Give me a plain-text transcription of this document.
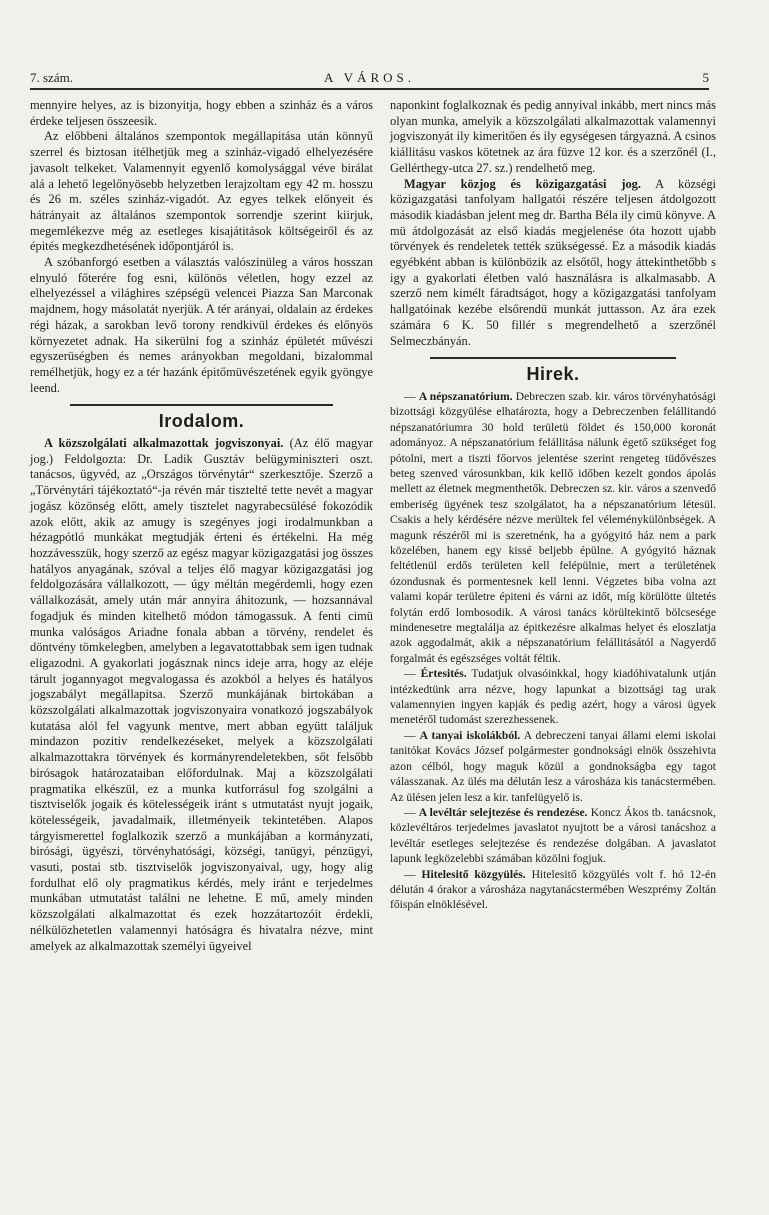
7. szám.	A VÁROS.	5

mennyire helyes, az is bizonyitja, hogy ebben a szinház és a város érdeke teljesen összeesik.

Az előbbeni általános szempontok megállapitása után könnyű szerrel és biztosan itélhetjük meg a szinház-vigadó elhelyezésére javasolt telkeket. Valamennyit egyenlő komolysággal véve birálat alá a lehető legelőnyösebb helyzetben lerajzoltam egy 42 m. hosszu és 26 m. széles szinház-vigadót. Az egyes telkek előnyeit és hátrányait az általános szempontok sorrendje szerint kiirjuk, megemlékezve még az esetleges kisajátitások költségeiről és az épités megkezdhetésének időpontjáról is.

A szóbanforgó esetben a választás valószinüleg a város hosszan elnyuló főterére fog esni, különös véletlen, hogy ezzel az elhelyezéssel a világhires szépségü velencei Piazza San Marconak majdnem, hogy másolatát nyerjük. A tér arányai, oldalain az érdekes régi házak, a sarokban levő torony rendkivül érdekes és előnyös környezetet adnak. Ha sikerülni fog a szinház épületét művészi egyszerüségben és nemes arányokban megoldani, bizalommal remélhetjük, hogy ez a tér hazánk épitőmüvészetének egyik gyöngye leend.

Irodalom.

A közszolgálati alkalmazottak jogviszonyai. (Az élő magyar jog.) Feldolgozta: Dr. Ladik Gusztáv belügyminiszteri oszt. tanácsos, ügyvéd, az „Országos törvénytár“ szerkesztője. Szerző a „Törvénytári tájékoztató“-ja révén már tisztelté tette nevét a magyar jogász közönség előtt, amely tisztelet nagyrabecsülésé fokozódik azok előtt, akik az amugy is szegényes jogi irodalmunkban a hézagpótló munkákat megtudják érteni és értékelni. Ha még hozzávesszük, hogy szerző az egész magyar közigazgatási jog összes hatályos anyagának, szóval a teljes élő magyar közigazgatási jog feldolgozására vállalkozott, — úgy méltán megérdemli, hogy ezen vállalkozását, amely után már annyira áhitozunk, — hozsannával fogadjuk és minden kitelhető módon támogassuk. A fenti cimü munka valóságos Ariadne fonala abban a törvény, rendelet és döntvény tömkelegben, amelyben a legavatottabbak sem igen tudnak eligazodni. A gyakorlati jogásznak nincs ideje arra, hogy az eléje tárult jogannyagot megvalogassa és azokból a helyes és hatályos jogszabályt megállapitsa. Szerző munkájának birtokában a közszolgálati alkalmazottak jogviszonyaira vonatkozó jogszabályok kutatása alól fel vagyunk mentve, mert abban együtt találjuk mindazon pozitiv rendelkezéseket, melyek a közszolgálati alkalmazottakra törvények és kormányrendeletekben, sőt felsőbb birósagok határozataiban előfordulnak. Maj a közszolgálati pragmatika elkészül, ez a munka kutforrásul fog szolgálni a tisztviselők jogaik és kötelességeik iránt s utmutatást nyujt jogaik, kötelességeik, javadalmaik, illetményeik tekintetében. Alapos tárgyismerettel foglalkozik szerző a munkájában a kormányzati, birósági, ügyészi, törvényhatósági, községi, tanügyi, pénzügyi, vasuti, postai stb. tisztviselők jogviszonyaival, ugy, hogy alig fordulhat elő oly pragmatikus kérdés, mely iránt e terjedelmes munkában utmutatást találni ne lehetne. E mű, amely minden közszolgálati alkalmazottat és ezek hozzátartozóit érdekli, nélkülözhetetlen valamennyi hatóságra és hivatalra nézve, mint amelyek az alkalmazottak személyi ügyeivel

naponkint foglalkoznak és pedig annyival inkább, mert nincs más olyan munka, amelyik a közszolgálati alkalmazottak valamennyi jogviszonyát ily kimeritően és ily egységesen tárgyazná. A csinos kiállitásu vaskos kötetnek az ára füzve 12 kor. és a szerzőnél (I., Gellérthegy-utca 27. sz.) rendelhető meg.

Magyar közjog és közigazgatási jog. A községi közigazgatási tanfolyam hallgatói részére teljesen átdolgozott második kiadásban jelent meg dr. Bartha Béla ily cimü könyve. A mü átdolgozását az első kiadás megjelenése óta hozott ujabb törvények és rendeletek tették szükségessé. Ez a második kiadás egyébként abban is különbözik az elsőtől, hogy áttekinthetőbb s igy a gyakorlati életben való használásra is alkalmasabb. A szerző nem kimélt fáradtságot, hogy a közigazgatási tanfolyam hallgatóinak kezébe elsőrendü munkát juttasson. Az ára ezek számára 6 K. 50 fillér s megrendelhető a szerzőnél Selmeczbányán.

Hirek.

— A népszanatórium. Debreczen szab. kir. város törvényhatósági bizottsági közgyülése elhatározta, hogy a Debreczenben felállitandó népszanatóriumra 30 hold területü földet és 150,000 koronát adományoz. A népszanatórium felállitása nálunk égető szükséget fog pótolni, mert a tiszti főorvos jelentése szerint rengeteg tüdővészes beteg szenved városunkban, kik kellő időben kezelt gondos ápolás mellett az életnek megmenthetők. Debreczen sz. kir. város a szenvedő emberiség ügyének tesz szolgálatot, ha a népszanatórium létesül. Csakis a hely kérdésére nézve merültek fel véleménykülönbségek. A magunk részéről mi is szeretnénk, ha a gyógyitó ház nem a park közelében, hanem egy kissé beljebb épülne. A gyógyitó háznak feltétlenül erdős területen kell felépülnie, mert a területének ózondusnak és pormentesnek kell lenni. Végzetes biba volna azt valami kopár területre épiteni és várni az időt, míg körülötte ültetés folytán erdő lombosodik. A városi tanács körültekintő bölcsesége mindenesetre megtalálja az épitkezésre alkalmas helyet és eloszlatja azok aggodalmát, akik a népszanatórium felállitásától a Nagyerdő forgalmát és egészséges voltát féltik.

— Értesités. Tudatjuk olvasóinkkal, hogy kiadóhivatalunk utján intézkedtünk arra nézve, hogy lapunkat a bizottsági tag urak valamennyien ingyen kapják és pedig azért, hogy a városi ügyek menetéről tudomást szerezhessenek.

— A tanyai iskolákból. A debreczeni tanyai állami elemi iskolai tanitókat Kovács József polgármester gondnoksági elnök összehivta azon célból, hogy maguk közül a gondnokságba egy tagot válasszanak. Az ülés ma délután lesz a városháza kis tanácstermében. Az ülésen jelen lesz a kir. tanfelügyelő is.

— A levéltár selejtezése és rendezése. Koncz Ákos tb. tanácsnok, közlevéltáros terjedelmes javaslatot nyujtott be a városi tanácshoz a levéltár esetleges selejtezése és rendezése dolgában. A javaslatot lapunk legközelebbi számában közölni fogjuk.

— Hitelesitő közgyülés. Hitelesitő közgyülés volt f. hó 12-én délután 4 órakor a városháza nagytanácstermében Weszprémy Zoltán főispán elnöklésével.
